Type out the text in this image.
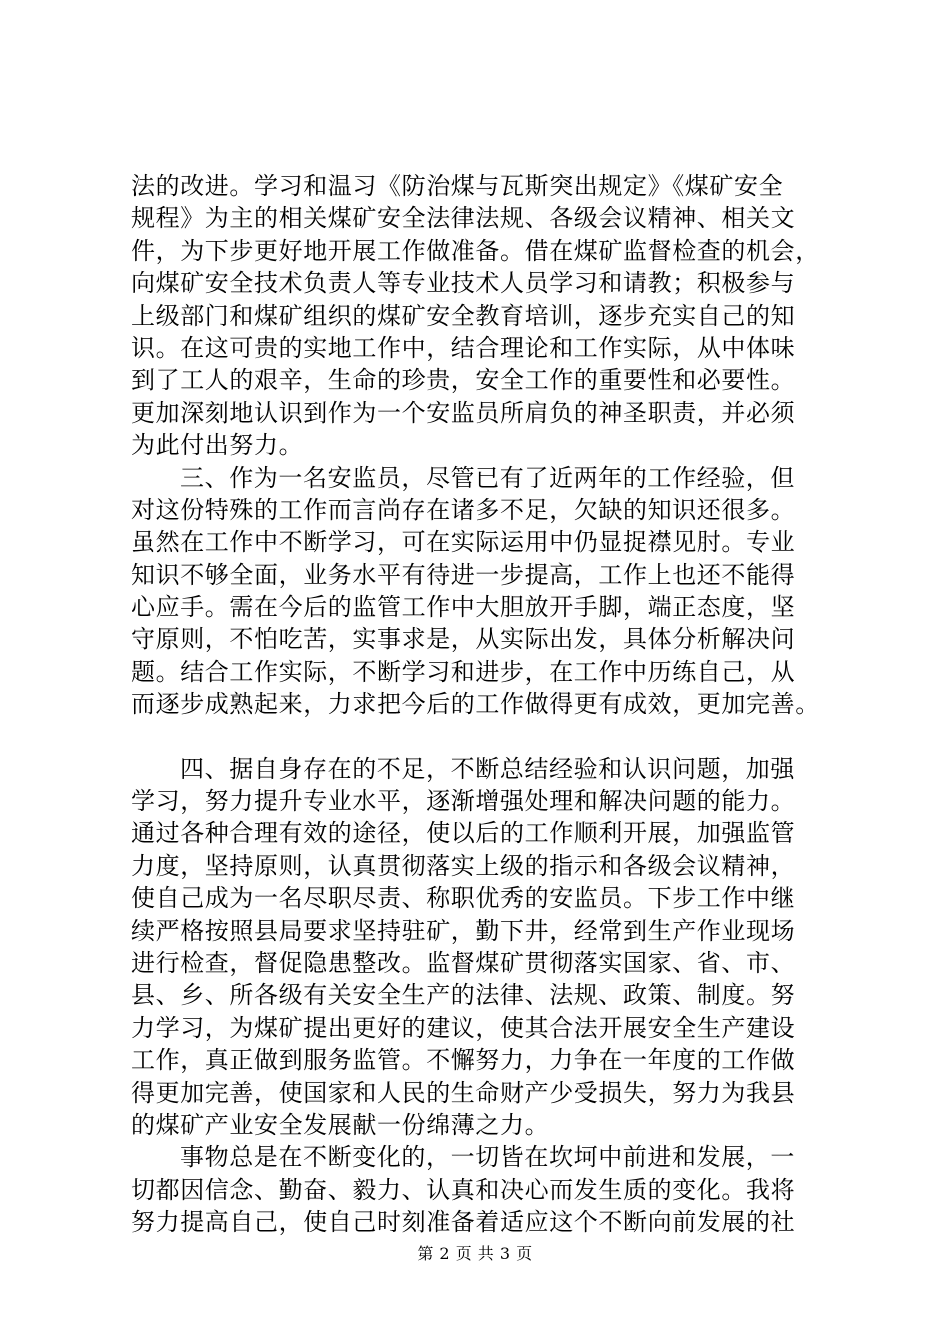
法的改进。学习和温习《防治煤与瓦斯突出规定》《煤矿安全
规程》为主的相关煤矿安全法律法规、各级会议精神、相关文
件，为下步更好地开展工作做准备。借在煤矿监督检查的机会，
向煤矿安全技术负责人等专业技术人员学习和请教；积极参与
上级部门和煤矿组织的煤矿安全教育培训，逐步充实自己的知
识。在这可贵的实地工作中，结合理论和工作实际，从中体味
到了工人的艰辛，生命的珍贵，安全工作的重要性和必要性。
更加深刻地认识到作为一个安监员所肩负的神圣职责，并必须
为此付出努力。
三、作为一名安监员，尽管已有了近两年的工作经验，但
对这份特殊的工作而言尚存在诸多不足，欠缺的知识还很多。
虽然在工作中不断学习，可在实际运用中仍显捉襟见肘。专业
知识不够全面，业务水平有待进一步提高，工作上也还不能得
心应手。需在今后的监管工作中大胆放开手脚，端正态度，坚
守原则，不怕吃苦，实事求是，从实际出发，具体分析解决问
题。结合工作实际，不断学习和进步，在工作中历练自己，从
而逐步成熟起来，力求把今后的工作做得更有成效，更加完善。
四、据自身存在的不足，不断总结经验和认识问题，加强
学习，努力提升专业水平，逐渐增强处理和解决问题的能力。
通过各种合理有效的途径，使以后的工作顺利开展，加强监管
力度，坚持原则，认真贯彻落实上级的指示和各级会议精神，
使自己成为一名尽职尽责、称职优秀的安监员。下步工作中继
续严格按照县局要求坚持驻矿，勤下井，经常到生产作业现场
进行检查，督促隐患整改。监督煤矿贯彻落实国家、省、市、
县、乡、所各级有关安全生产的法律、法规、政策、制度。努
力学习，为煤矿提出更好的建议，使其合法开展安全生产建设
工作，真正做到服务监管。不懈努力，力争在一年度的工作做
得更加完善，使国家和人民的生命财产少受损失，努力为我县
的煤矿产业安全发展献一份绵薄之力。
事物总是在不断变化的，一切皆在坎坷中前进和发展，一
切都因信念、勤奋、毅力、认真和决心而发生质的变化。我将
努力提高自己，使自己时刻准备着适应这个不断向前发展的社
第 2 页 共 3 页
